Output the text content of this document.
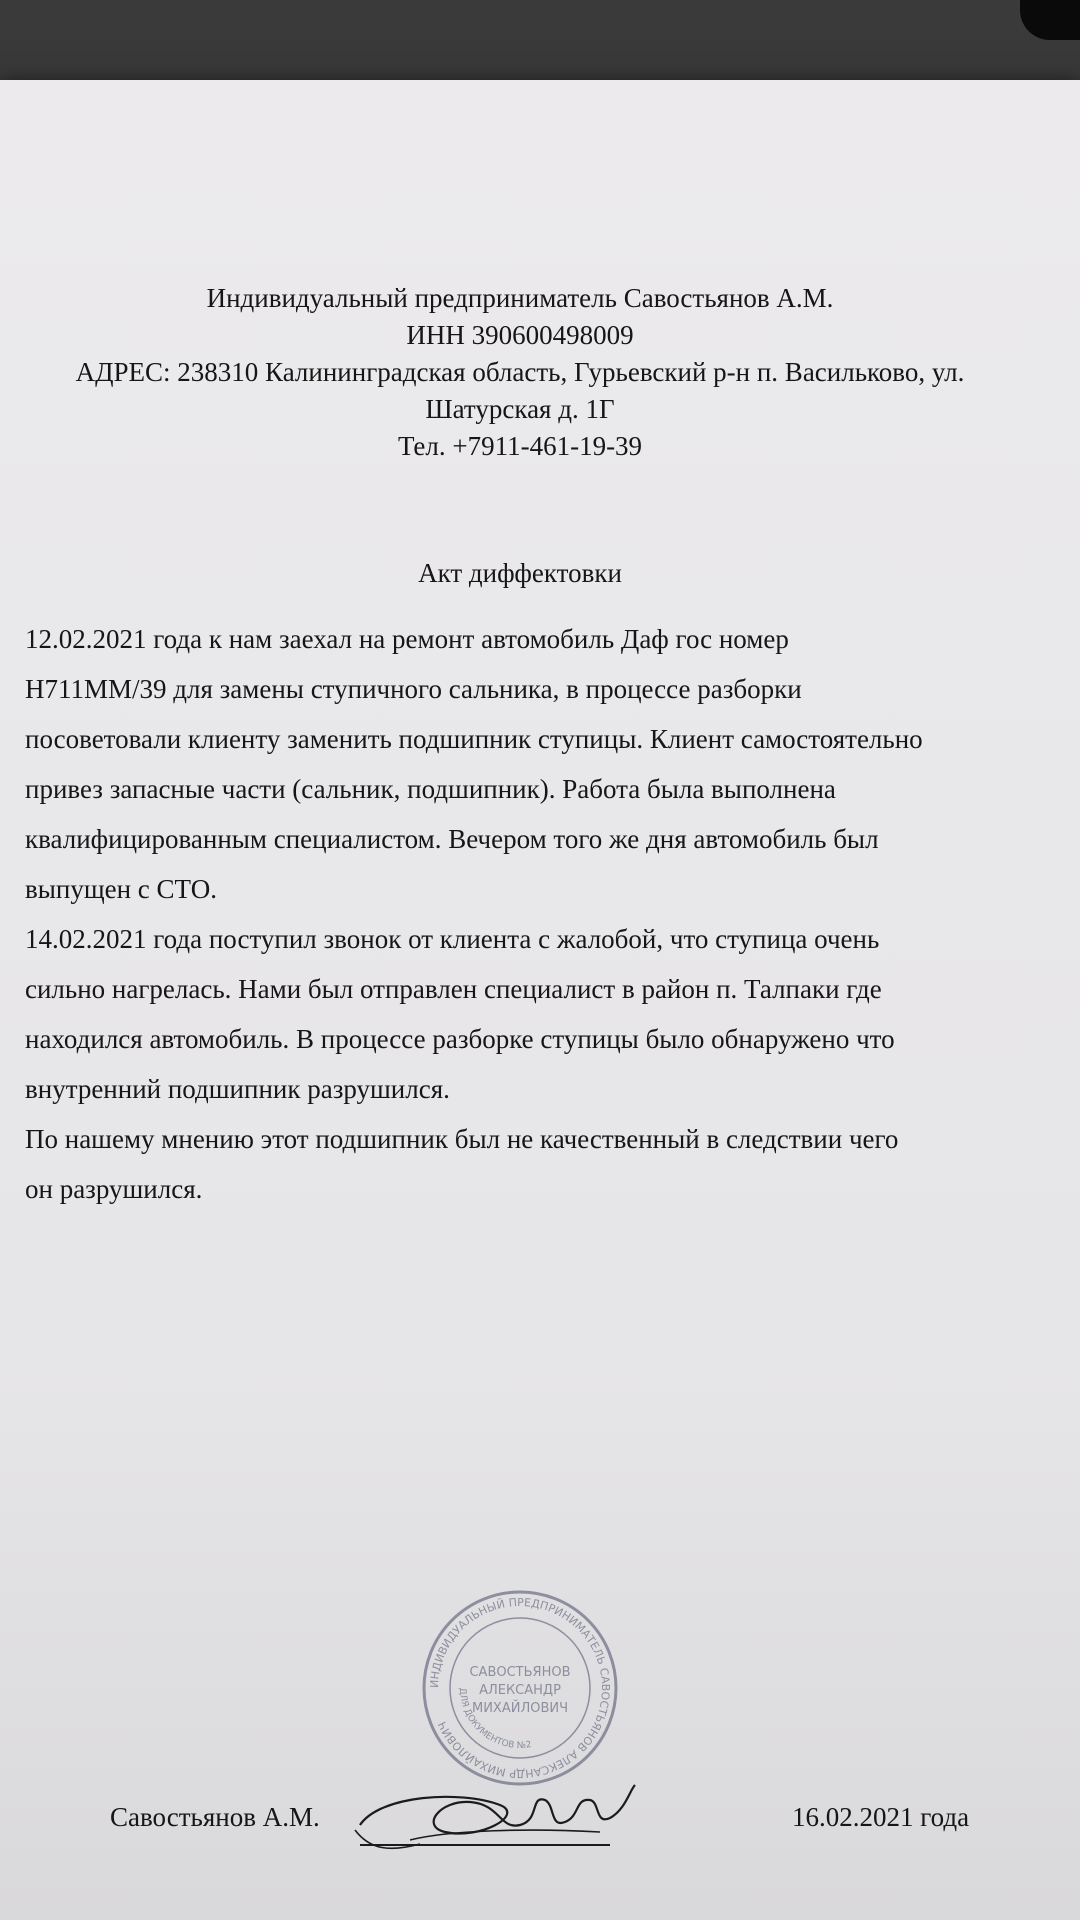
Индивидуальный предприниматель Савостьянов А.М.
ИНН 390600498009
АДРЕС: 238310 Калининградская область, Гурьевский р-н п. Васильково, ул.
Шатурская д. 1Г
Тел. +7911-461-19-39
Акт диффектовки

12.02.2021 года к нам заехал на ремонт автомобиль Даф гос номер
Н711ММ/39 для замены ступичного сальника, в процессе разборки
посоветовали клиенту заменить подшипник ступицы. Клиент самостоятельно
привез запасные части (сальник, подшипник). Работа была выполнена
квалифицированным специалистом. Вечером того же дня автомобиль был
выпущен с СТО.

14.02.2021 года поступил звонок от клиента с жалобой, что ступица очень
сильно нагрелась. Нами был отправлен специалист в район п. Талпаки где
находился автомобиль. В процессе разборке ступицы было обнаружено что
внутренний подшипник разрушился.

По нашему мнению этот подшипник был не качественный в следствии чего
он разрушился.

ИНДИВИДУАЛЬНЫЙ ПРЕДПРИНИМАТЕЛЬ САВОСТЬЯНОВ АЛЕКСАНДР МИХАЙЛОВИЧ
ДЛЯ ДОКУМЕНТОВ №2
САВОСТЬЯНОВ
АЛЕКСАНДР
МИХАЙЛОВИЧ
Савостьянов А.М.	16.02.2021 года
